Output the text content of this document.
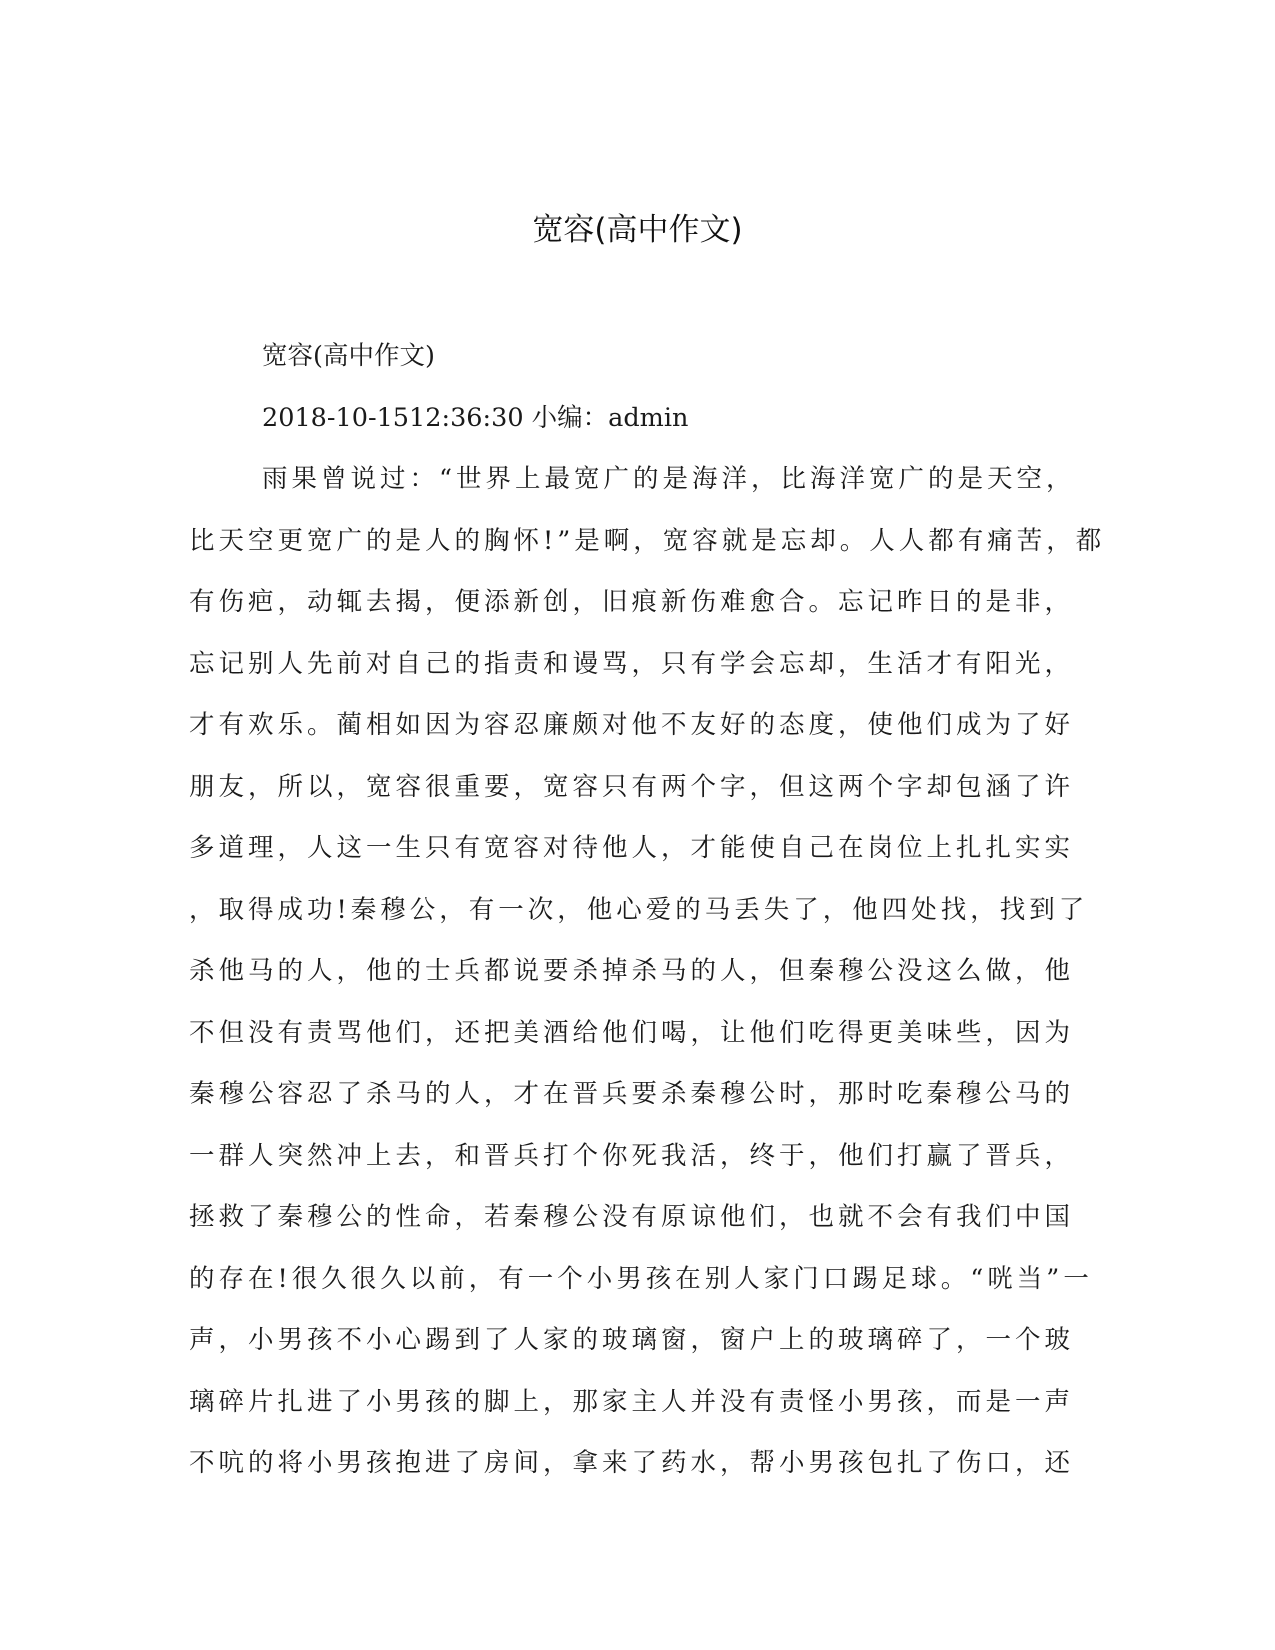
宽容(高中作文)
宽容(高中作文)
2018-10-1512:36:30 小编：admin
雨果曾说过：“世界上最宽广的是海洋，比海洋宽广的是天空，
比天空更宽广的是人的胸怀!”是啊，宽容就是忘却。人人都有痛苦，都
有伤疤，动辄去揭，便添新创，旧痕新伤难愈合。忘记昨日的是非，
忘记别人先前对自己的指责和谩骂，只有学会忘却，生活才有阳光，
才有欢乐。蔺相如因为容忍廉颇对他不友好的态度，使他们成为了好
朋友，所以，宽容很重要，宽容只有两个字，但这两个字却包涵了许
多道理，人这一生只有宽容对待他人，才能使自己在岗位上扎扎实实
，取得成功!秦穆公，有一次，他心爱的马丢失了，他四处找，找到了
杀他马的人，他的士兵都说要杀掉杀马的人，但秦穆公没这么做，他
不但没有责骂他们，还把美酒给他们喝，让他们吃得更美味些，因为
秦穆公容忍了杀马的人，才在晋兵要杀秦穆公时，那时吃秦穆公马的
一群人突然冲上去，和晋兵打个你死我活，终于，他们打赢了晋兵，
拯救了秦穆公的性命，若秦穆公没有原谅他们，也就不会有我们中国
的存在!很久很久以前，有一个小男孩在别人家门口踢足球。“咣当”一
声，小男孩不小心踢到了人家的玻璃窗，窗户上的玻璃碎了，一个玻
璃碎片扎进了小男孩的脚上，那家主人并没有责怪小男孩，而是一声
不吭的将小男孩抱进了房间，拿来了药水，帮小男孩包扎了伤口，还
